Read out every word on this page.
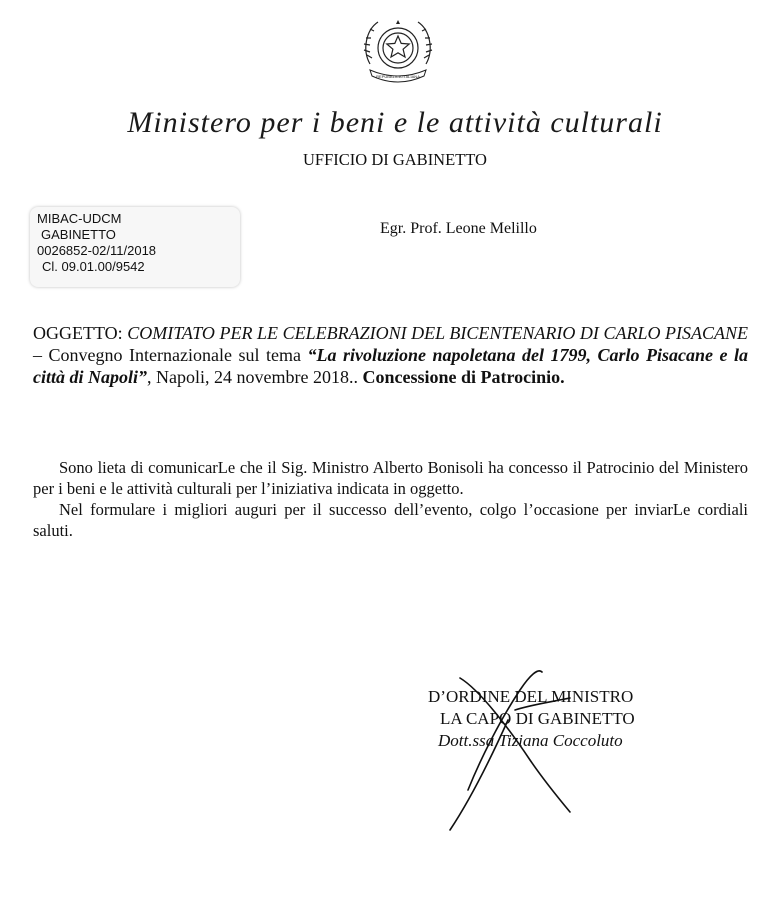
REPUBBLICA ITALIANA
Ministero per i beni e le attività culturali
UFFICIO DI GABINETTO
MIBAC-UDCM
GABINETTO
0026852-02/11/2018
Cl. 09.01.00/9542
Egr. Prof. Leone Melillo
OGGETTO: COMITATO PER LE CELEBRAZIONI DEL BICENTENARIO DI CARLO PISACANE – Convegno Internazionale sul tema “La rivoluzione napoletana del 1799, Carlo Pisacane e la città di Napoli”, Napoli, 24 novembre 2018.. Concessione di Patrocinio.

Sono lieta di comunicarLe che il Sig. Ministro Alberto Bonisoli ha concesso il Patrocinio del Ministero per i beni e le attività culturali per l’iniziativa indicata in oggetto.

Nel formulare i migliori auguri per il successo dell’evento, colgo l’occasione per inviarLe cordiali saluti.

D’ORDINE DEL MINISTRO
LA CAPO DI GABINETTO
Dott.ssa Tiziana Coccoluto
